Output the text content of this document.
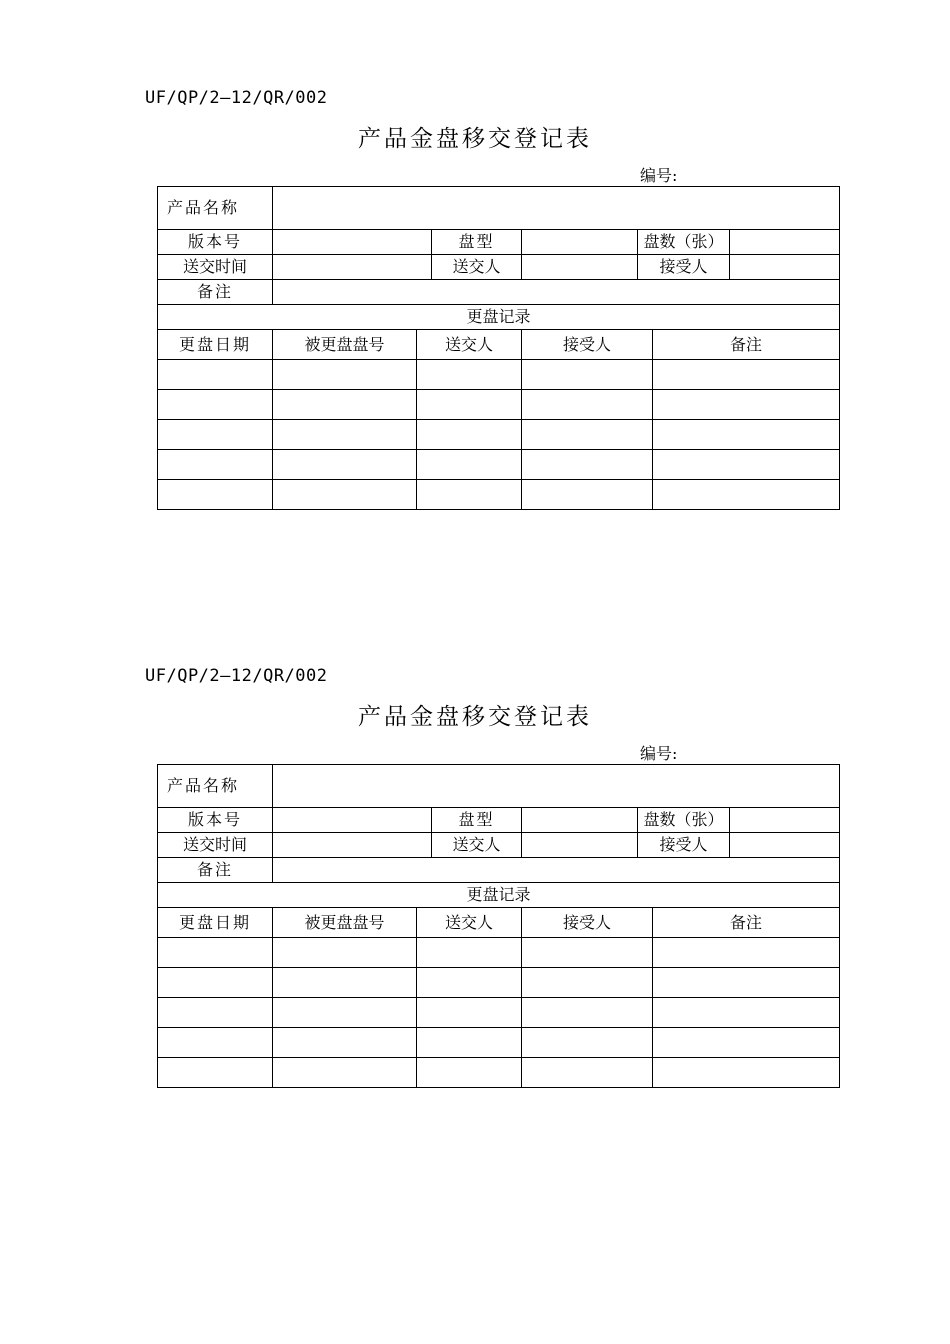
UF/QP/2—12/QR/002
产品金盘移交登记表
编号:
产品名称							
版本号			盘型		盘数（张）		
送交时间			送交人		接受人		
备注							
更盘记录							
更盘日期	被更盘盘号	送交人		接受人		备注	

UF/QP/2—12/QR/002
产品金盘移交登记表
编号:
产品名称							
版本号			盘型		盘数（张）		
送交时间			送交人		接受人		
备注							
更盘记录							
更盘日期	被更盘盘号	送交人		接受人		备注	
